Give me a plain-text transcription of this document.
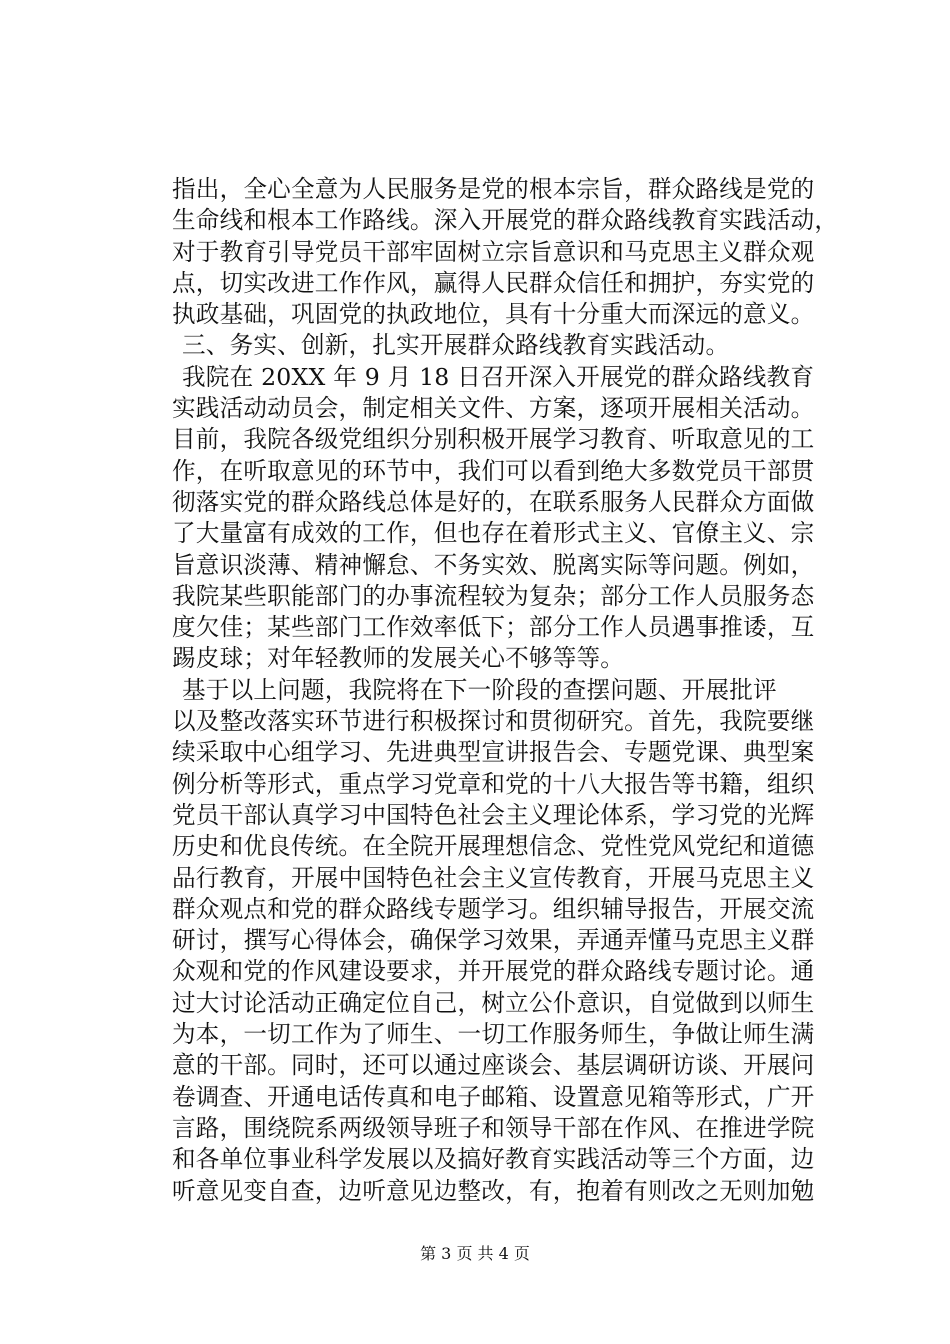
指出，全心全意为人民服务是党的根本宗旨，群众路线是党的
生命线和根本工作路线。深入开展党的群众路线教育实践活动，
对于教育引导党员干部牢固树立宗旨意识和马克思主义群众观
点，切实改进工作作风，赢得人民群众信任和拥护，夯实党的
执政基础，巩固党的执政地位，具有十分重大而深远的意义。
三、务实、创新，扎实开展群众路线教育实践活动。
我院在 20XX 年 9 月 18 日召开深入开展党的群众路线教育
实践活动动员会，制定相关文件、方案，逐项开展相关活动。
目前，我院各级党组织分别积极开展学习教育、听取意见的工
作，在听取意见的环节中，我们可以看到绝大多数党员干部贯
彻落实党的群众路线总体是好的，在联系服务人民群众方面做
了大量富有成效的工作，但也存在着形式主义、官僚主义、宗
旨意识淡薄、精神懈怠、不务实效、脱离实际等问题。例如，
我院某些职能部门的办事流程较为复杂；部分工作人员服务态
度欠佳；某些部门工作效率低下；部分工作人员遇事推诿，互
踢皮球；对年轻教师的发展关心不够等等。
基于以上问题，我院将在下一阶段的查摆问题、开展批评
以及整改落实环节进行积极探讨和贯彻研究。首先，我院要继
续采取中心组学习、先进典型宣讲报告会、专题党课、典型案
例分析等形式，重点学习党章和党的十八大报告等书籍，组织
党员干部认真学习中国特色社会主义理论体系，学习党的光辉
历史和优良传统。在全院开展理想信念、党性党风党纪和道德
品行教育，开展中国特色社会主义宣传教育，开展马克思主义
群众观点和党的群众路线专题学习。组织辅导报告，开展交流
研讨，撰写心得体会，确保学习效果，弄通弄懂马克思主义群
众观和党的作风建设要求，并开展党的群众路线专题讨论。通
过大讨论活动正确定位自己，树立公仆意识，自觉做到以师生
为本，一切工作为了师生、一切工作服务师生，争做让师生满
意的干部。同时，还可以通过座谈会、基层调研访谈、开展问
卷调查、开通电话传真和电子邮箱、设置意见箱等形式，广开
言路，围绕院系两级领导班子和领导干部在作风、在推进学院
和各单位事业科学发展以及搞好教育实践活动等三个方面，边
听意见变自查，边听意见边整改，有，抱着有则改之无则加勉
第 3 页 共 4 页
